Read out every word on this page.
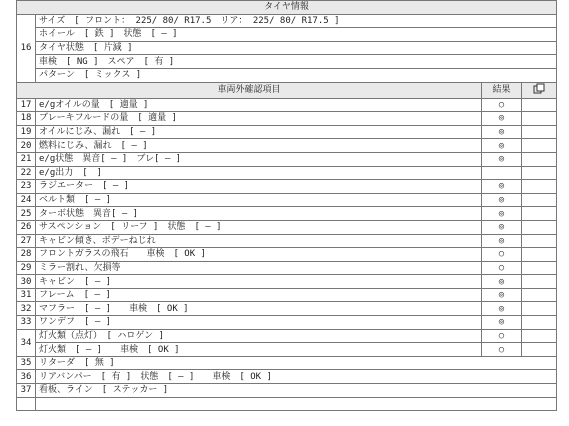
タイヤ情報			
16	サイズ　[ フロント： 225/ 80/ R17.5　リア： 225/ 80/ R17.5 ]		
	ホイール　[ 鉄 ]　状態　[ — ]		
	タイヤ状態　[ 片減 ]		
	車検　[ NG ]　スペア　[ 有 ]		
	パターン　[ ミックス ]		
車両外確認項目		結果	
17	e/gオイルの量　[ 適量 ]	○	
18	ブレーキフルードの量　[ 適量 ]	◎	
19	オイルにじみ、漏れ　[ — ]	◎	
20	燃料にじみ、漏れ　[ — ]	◎	
21	e/g状態　異音[ — ]　ブレ[ — ]	◎	
22	e/g出力　[　]		
23	ラジエーター　[ — ]	◎	
24	ベルト類　[ — ]	◎	
25	ターボ状態　異音[ — ]	◎	
26	サスペンション　[ リーフ ]　状態　[ — ]	◎	
27	キャビン傾き、ボデーねじれ	◎	
28	フロントガラスの飛石　　車検　[ OK ]	○	
29	ミラー割れ、欠損等	○	
30	キャビン　[ — ]	◎	
31	フレーム　[ — ]	◎	
32	マフラー　[ — ]　　車検　[ OK ]	◎	
33	ワンデフ　[ — ]	◎	
34	灯火類（点灯）　[ ハロゲン ]	○	
	灯火類　[ — ]　　車検　[ OK ]	○	
35	リターダ　[ 無 ]		
36	リアバンパー　[ 有 ]　状態　[ — ]　　車検　[ OK ]		
37	看板、ライン　[ ステッカー ]		
